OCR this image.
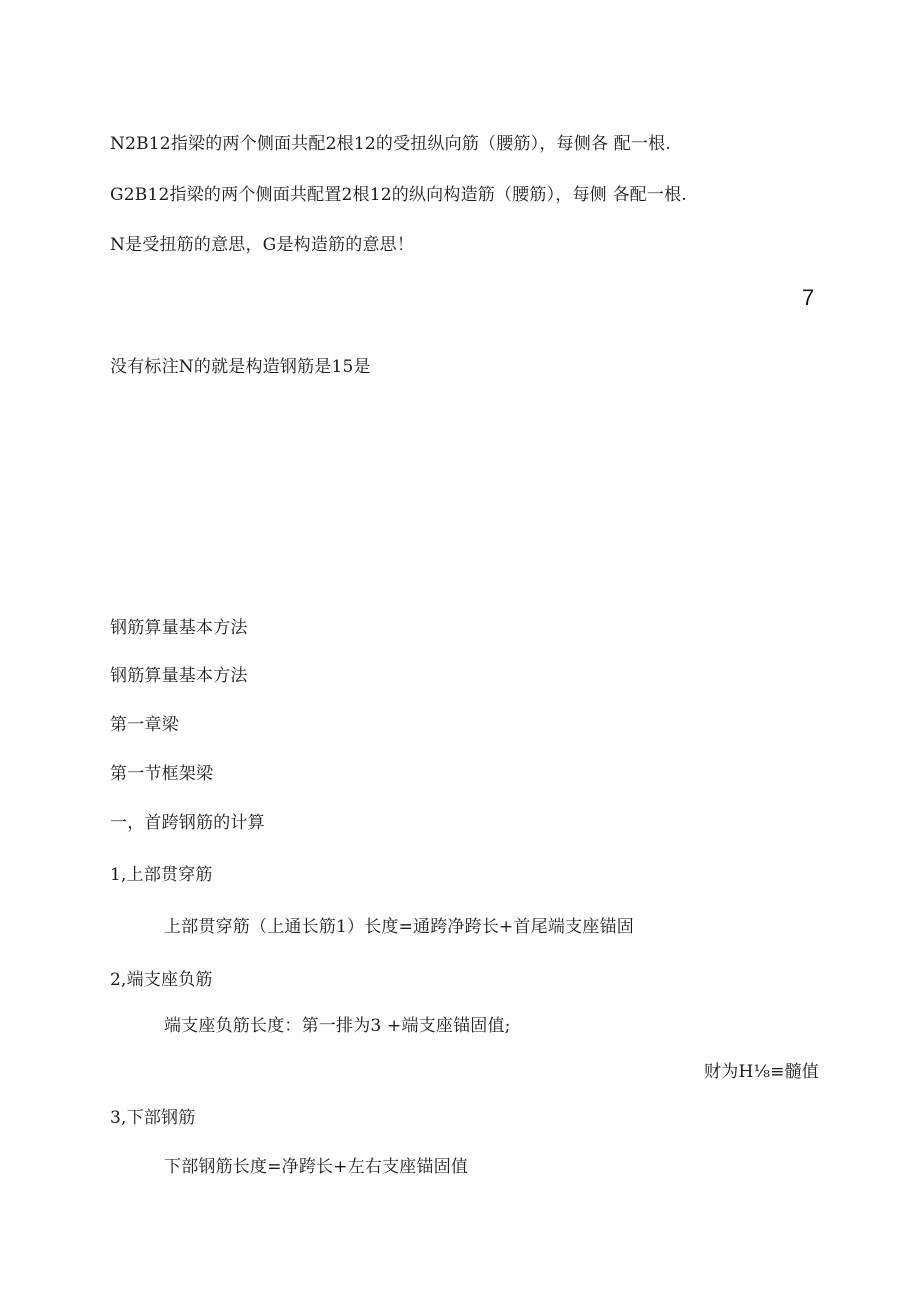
N2B12指梁的两个侧面共配2根12的受扭纵向筋（腰筋），每侧各 配一根.
G2B12指梁的两个侧面共配置2根12的纵向构造筋（腰筋），每侧 各配一根.
N是受扭筋的意思，G是构造筋的意思！
7
没有标注N的就是构造钢筋是15是
钢筋算量基本方法
钢筋算量基本方法
第一章梁
第一节框架梁
一，首跨钢筋的计算
1,上部贯穿筋
上部贯穿筋（上通长筋1）长度=通跨净跨长+首尾端支座锚固
2,端支座负筋
端支座负筋长度：第一排为3 +端支座锚固值;
财为H⅛≡髓值
3,下部钢筋
下部钢筋长度=净跨长+左右支座锚固值
